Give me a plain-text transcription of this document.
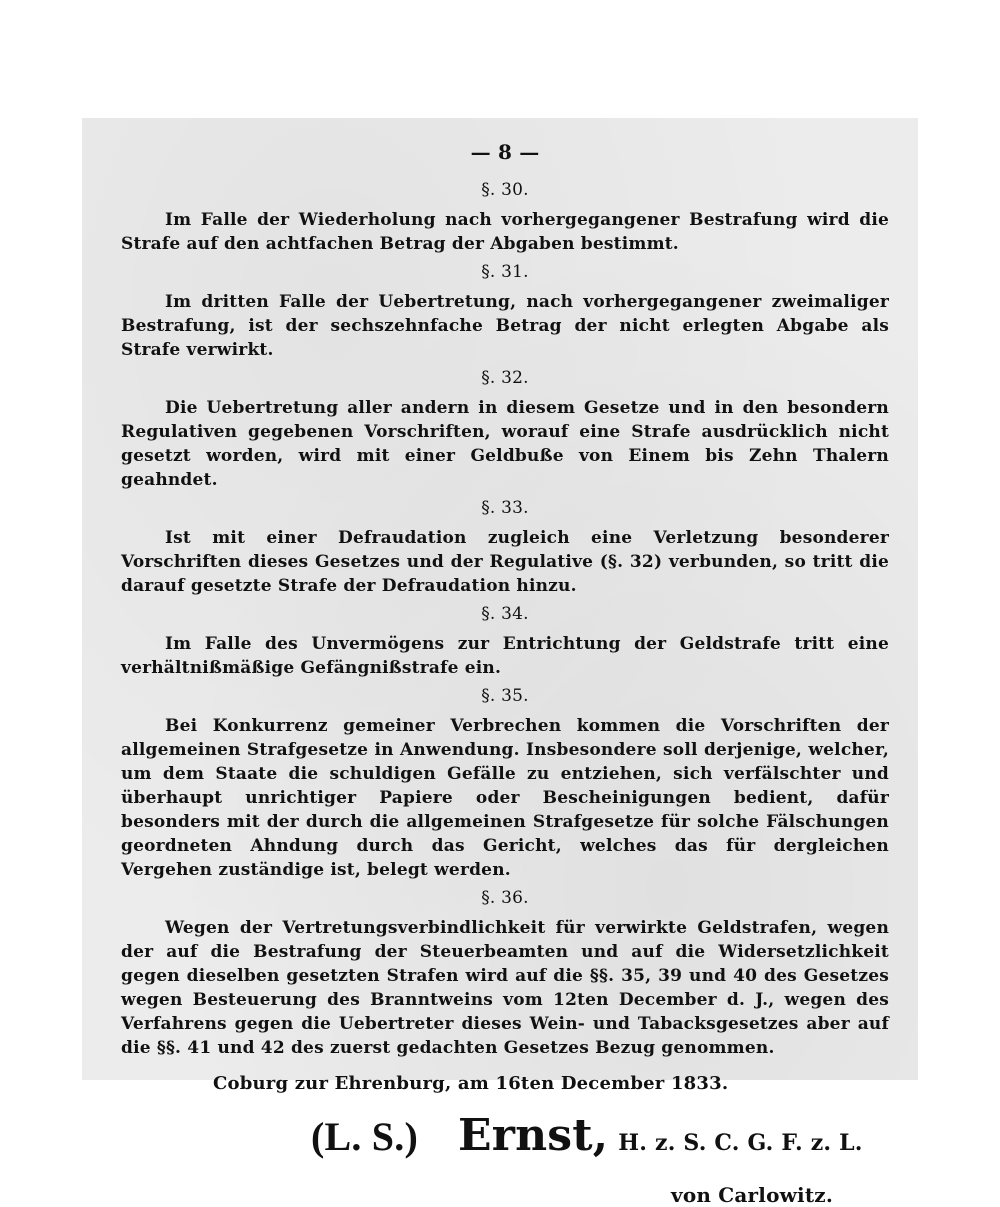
— 8 —
§. 30.

Im Falle der Wiederholung nach vorhergegangener Bestrafung wird die Strafe auf den achtfachen Betrag der Abgaben bestimmt.

§. 31.

Im dritten Falle der Uebertretung, nach vorhergegangener zweimaliger Bestrafung, ist der sechszehnfache Betrag der nicht erlegten Abgabe als Strafe verwirkt.

§. 32.

Die Uebertretung aller andern in diesem Gesetze und in den besondern Regulativen gegebenen Vorschriften, worauf eine Strafe ausdrücklich nicht gesetzt worden, wird mit einer Geldbuße von Einem bis Zehn Thalern geahndet.

§. 33.

Ist mit einer Defraudation zugleich eine Verletzung besonderer Vorschriften dieses Gesetzes und der Regulative (§. 32) verbunden, so tritt die darauf gesetzte Strafe der Defraudation hinzu.

§. 34.

Im Falle des Unvermögens zur Entrichtung der Geldstrafe tritt eine verhältnißmäßige Gefängnißstrafe ein.

§. 35.

Bei Konkurrenz gemeiner Verbrechen kommen die Vorschriften der allgemeinen Strafgesetze in Anwendung. Insbesondere soll derjenige, welcher, um dem Staate die schuldigen Gefälle zu entziehen, sich verfälschter und überhaupt unrichtiger Papiere oder Bescheinigungen bedient, dafür besonders mit der durch die allgemeinen Strafgesetze für solche Fälschungen geordneten Ahndung durch das Gericht, welches das für dergleichen Vergehen zuständige ist, belegt werden.

§. 36.

Wegen der Vertretungsverbindlichkeit für verwirkte Geldstrafen, wegen der auf die Bestrafung der Steuerbeamten und auf die Widersetzlichkeit gegen dieselben gesetzten Strafen wird auf die §§. 35, 39 und 40 des Gesetzes wegen Besteuerung des Branntweins vom 12ten December d. J., wegen des Verfahrens gegen die Uebertreter dieses Wein- und Tabacksgesetzes aber auf die §§. 41 und 42 des zuerst gedachten Gesetzes Bezug genommen.

Coburg zur Ehrenburg, am 16ten December 1833.
(L. S.) Ernst, H. z. S. C. G. F. z. L.
von Carlowitz.
